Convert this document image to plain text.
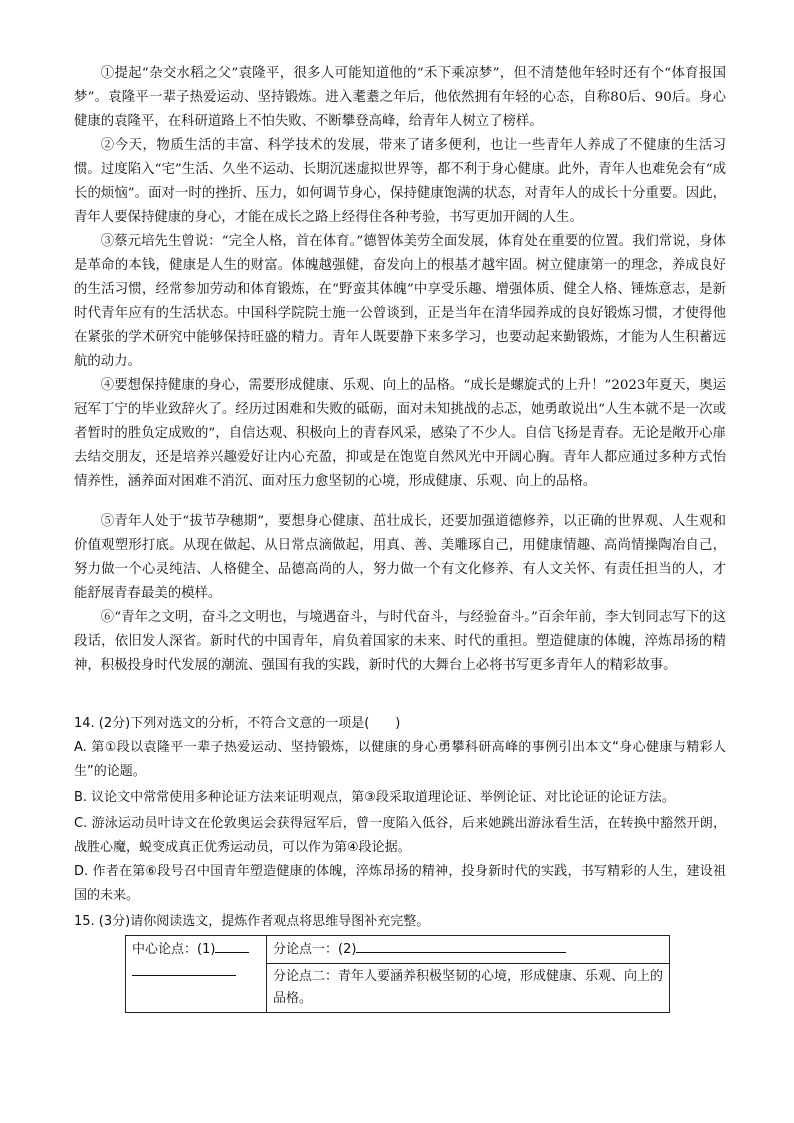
①提起“杂交水稻之父”袁隆平，很多人可能知道他的“禾下乘凉梦”，但不清楚他年轻时还有个“体育报国梦”。袁隆平一辈子热爱运动、坚持锻炼。进入耄耋之年后，他依然拥有年轻的心态，自称80后、90后。身心健康的袁隆平，在科研道路上不怕失败、不断攀登高峰，给青年人树立了榜样。

②今天，物质生活的丰富、科学技术的发展，带来了诸多便利，也让一些青年人养成了不健康的生活习惯。过度陷入“宅”生活、久坐不运动、长期沉迷虚拟世界等，都不利于身心健康。此外，青年人也难免会有“成长的烦恼”。面对一时的挫折、压力，如何调节身心，保持健康饱满的状态，对青年人的成长十分重要。因此，青年人要保持健康的身心，才能在成长之路上经得住各种考验，书写更加开阔的人生。

③蔡元培先生曾说：“完全人格，首在体育。”德智体美劳全面发展，体育处在重要的位置。我们常说，身体是革命的本钱，健康是人生的财富。体魄越强健，奋发向上的根基才越牢固。树立健康第一的理念，养成良好的生活习惯，经常参加劳动和体育锻炼，在“野蛮其体魄”中享受乐趣、增强体质、健全人格、锤炼意志，是新时代青年应有的生活状态。中国科学院院士施一公曾谈到，正是当年在清华园养成的良好锻炼习惯，才使得他在紧张的学术研究中能够保持旺盛的精力。青年人既要静下来多学习，也要动起来勤锻炼，才能为人生积蓄远航的动力。

④要想保持健康的身心，需要形成健康、乐观、向上的品格。“成长是螺旋式的上升！”2023年夏天，奥运冠军丁宁的毕业致辞火了。经历过困难和失败的砥砺，面对未知挑战的忐忑，她勇敢说出“人生本就不是一次或者暂时的胜负定成败的”，自信达观、积极向上的青春风采，感染了不少人。自信飞扬是青春。无论是敞开心扉去结交朋友，还是培养兴趣爱好让内心充盈，抑或是在饱览自然风光中开阔心胸。青年人都应通过多种方式怡情养性，涵养面对困难不消沉、面对压力愈坚韧的心境，形成健康、乐观、向上的品格。

⑤青年人处于“拔节孕穗期”，要想身心健康、茁壮成长，还要加强道德修养，以正确的世界观、人生观和价值观塑形打底。从现在做起、从日常点滴做起，用真、善、美雕琢自己，用健康情趣、高尚情操陶冶自己，努力做一个心灵纯洁、人格健全、品德高尚的人，努力做一个有文化修养、有人文关怀、有责任担当的人，才能舒展青春最美的模样。

⑥“青年之文明，奋斗之文明也，与境遇奋斗，与时代奋斗，与经验奋斗。”百余年前，李大钊同志写下的这段话，依旧发人深省。新时代的中国青年，肩负着国家的未来、时代的重担。塑造健康的体魄，淬炼昂扬的精神，积极投身时代发展的潮流、强国有我的实践，新时代的大舞台上必将书写更多青年人的精彩故事。

14. (2分)下列对选文的分析，不符合文意的一项是(　　)

A. 第①段以袁隆平一辈子热爱运动、坚持锻炼，以健康的身心勇攀科研高峰的事例引出本文“身心健康与精彩人生”的论题。

B. 议论文中常常使用多种论证方法来证明观点，第③段采取道理论证、举例论证、对比论证的论证方法。

C. 游泳运动员叶诗文在伦敦奥运会获得冠军后，曾一度陷入低谷，后来她跳出游泳看生活，在转换中豁然开朗，战胜心魔，蜕变成真正优秀运动员，可以作为第④段论据。

D. 作者在第⑥段号召中国青年塑造健康的体魄，淬炼昂扬的精神，投身新时代的实践，书写精彩的人生，建设祖国的未来。

15. (3分)请你阅读选文，提炼作者观点将思维导图补充完整。

中心论点：(1)	分论点一：(2)
分论点二：青年人要涵养积极坚韧的心境，形成健康、乐观、向上的品格。
